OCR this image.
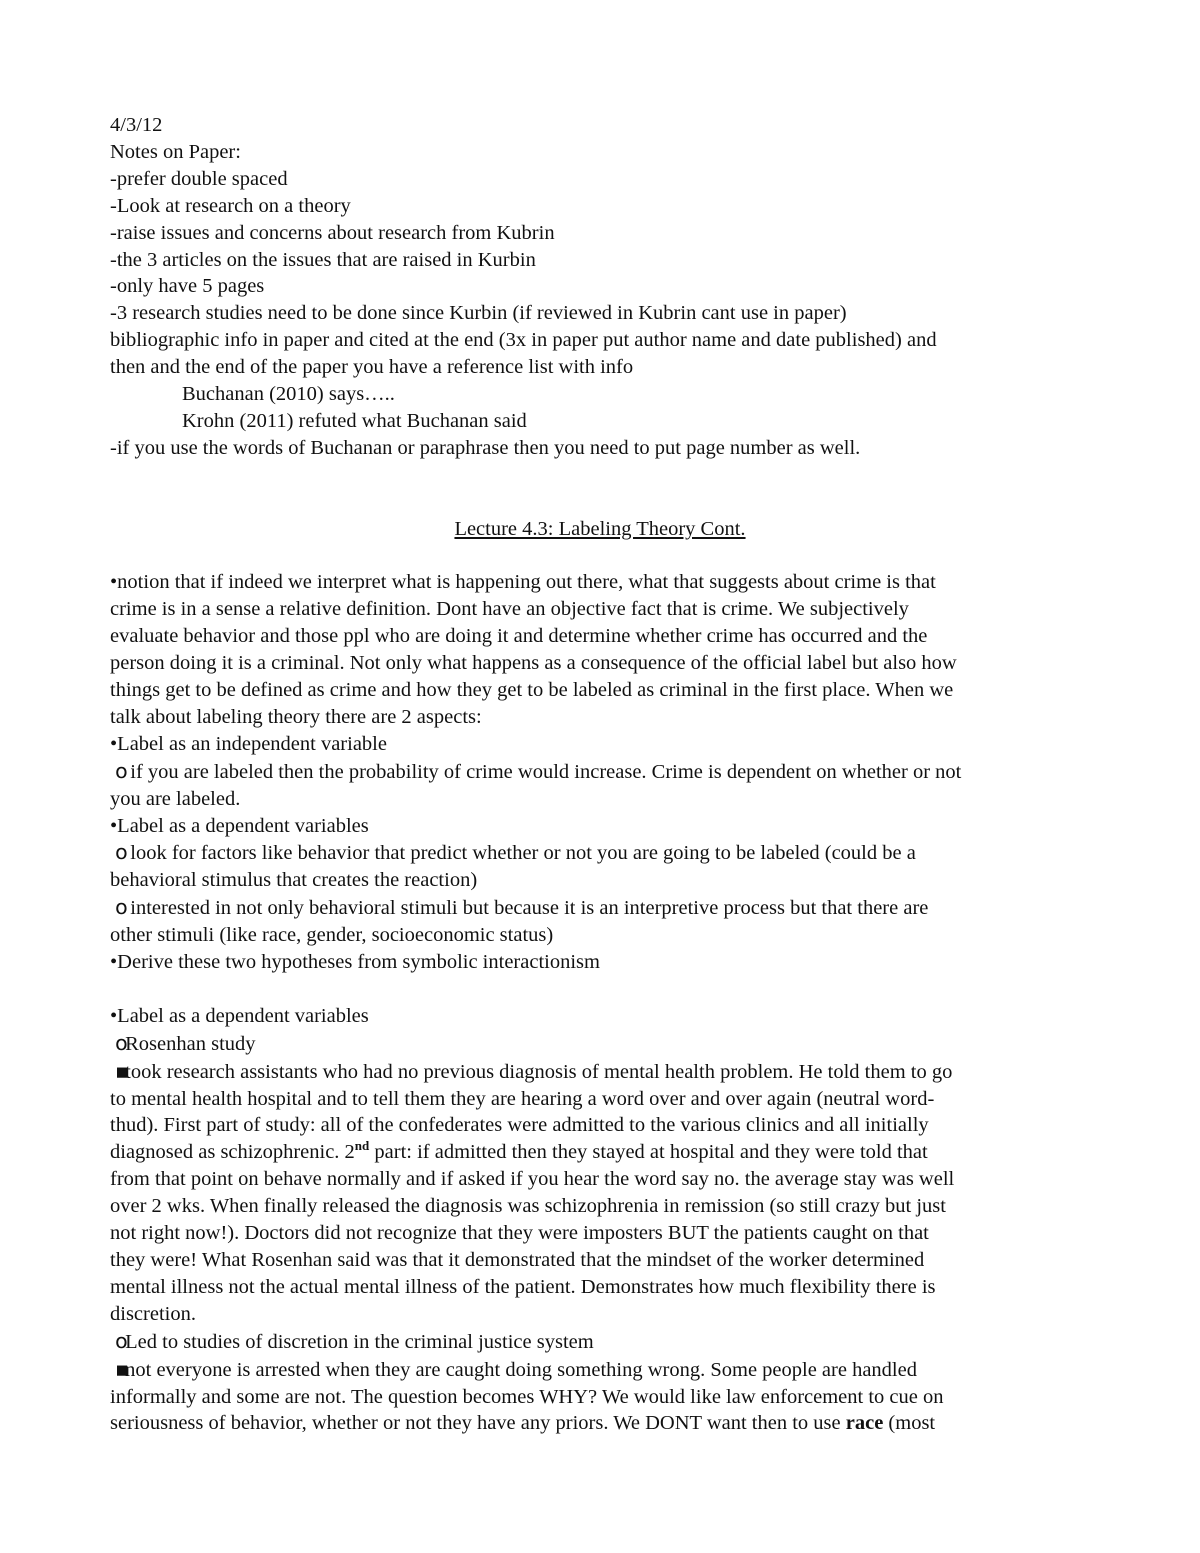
4/3/12
Notes on Paper:
-prefer double spaced
-Look at research on a theory
-raise issues and concerns about research from Kubrin
-the 3 articles on the issues that are raised in Kurbin
-only have 5 pages
-3 research studies need to be done since Kurbin (if reviewed in Kubrin cant use in paper)
bibliographic info in paper and cited at the end (3x in paper put author name and date published) and
then and the end of the paper you have a reference list with info
Buchanan (2010) says…..
Krohn (2011) refuted what Buchanan said
-if you use the words of Buchanan or paraphrase then you need to put page number as well.
Lecture 4.3: Labeling Theory Cont.
•notion that if indeed we interpret what is happening out there, what that suggests about crime is that
crime is in a sense a relative definition. Dont have an objective fact that is crime. We subjectively
evaluate behavior and those ppl who are doing it and determine whether crime has occurred and the
person doing it is a criminal. Not only what happens as a consequence of the official label but also how
things get to be defined as crime and how they get to be labeled as criminal in the first place. When we
talk about labeling theory there are 2 aspects:
•Label as an independent variable
o if you are labeled then the probability of crime would increase. Crime is dependent on whether or not
you are labeled.
•Label as a dependent variables
o look for factors like behavior that predict whether or not you are going to be labeled (could be a
behavioral stimulus that creates the reaction)
o interested in not only behavioral stimuli but because it is an interpretive process but that there are
other stimuli (like race, gender, socioeconomic status)
•Derive these two hypotheses from symbolic interactionism
•Label as a dependent variables
oRosenhan study
▪took research assistants who had no previous diagnosis of mental health problem. He told them to go
to mental health hospital and to tell them they are hearing a word over and over again (neutral word-
thud). First part of study: all of the confederates were admitted to the various clinics and all initially
diagnosed as schizophrenic. 2nd part: if admitted then they stayed at hospital and they were told that
from that point on behave normally and if asked if you hear the word say no. the average stay was well
over 2 wks. When finally released the diagnosis was schizophrenia in remission (so still crazy but just
not right now!). Doctors did not recognize that they were imposters BUT the patients caught on that
they were! What Rosenhan said was that it demonstrated that the mindset of the worker determined
mental illness not the actual mental illness of the patient. Demonstrates how much flexibility there is
discretion.
oLed to studies of discretion in the criminal justice system
▪not everyone is arrested when they are caught doing something wrong. Some people are handled
informally and some are not. The question becomes WHY? We would like law enforcement to cue on
seriousness of behavior, whether or not they have any priors. We DONT want then to use race (most
